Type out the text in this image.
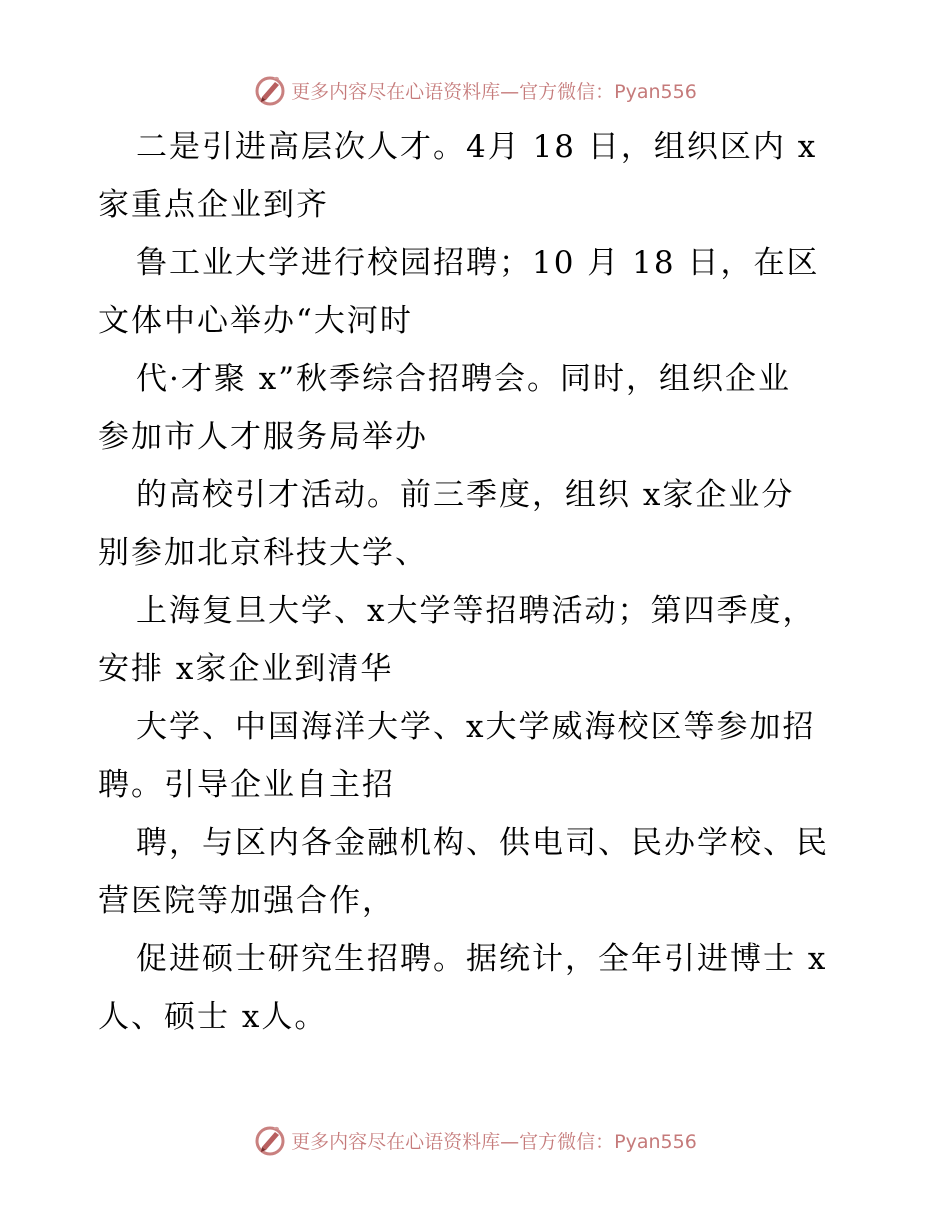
更多内容尽在心语资料库—官方微信：Pyan556
二是引进高层次人才。4月 18 日，组织区内 x
家重点企业到齐
鲁工业大学进行校园招聘；10 月 18 日，在区
文体中心举办“大河时
代·才聚 x”秋季综合招聘会。同时，组织企业
参加市人才服务局举办
的高校引才活动。前三季度，组织 x家企业分
别参加北京科技大学、
上海复旦大学、x大学等招聘活动；第四季度，
安排 x家企业到清华
大学、中国海洋大学、x大学威海校区等参加招
聘。引导企业自主招
聘，与区内各金融机构、供电司、民办学校、民
营医院等加强合作，
促进硕士研究生招聘。据统计，全年引进博士 x
人、硕士 x人。
更多内容尽在心语资料库—官方微信：Pyan556
